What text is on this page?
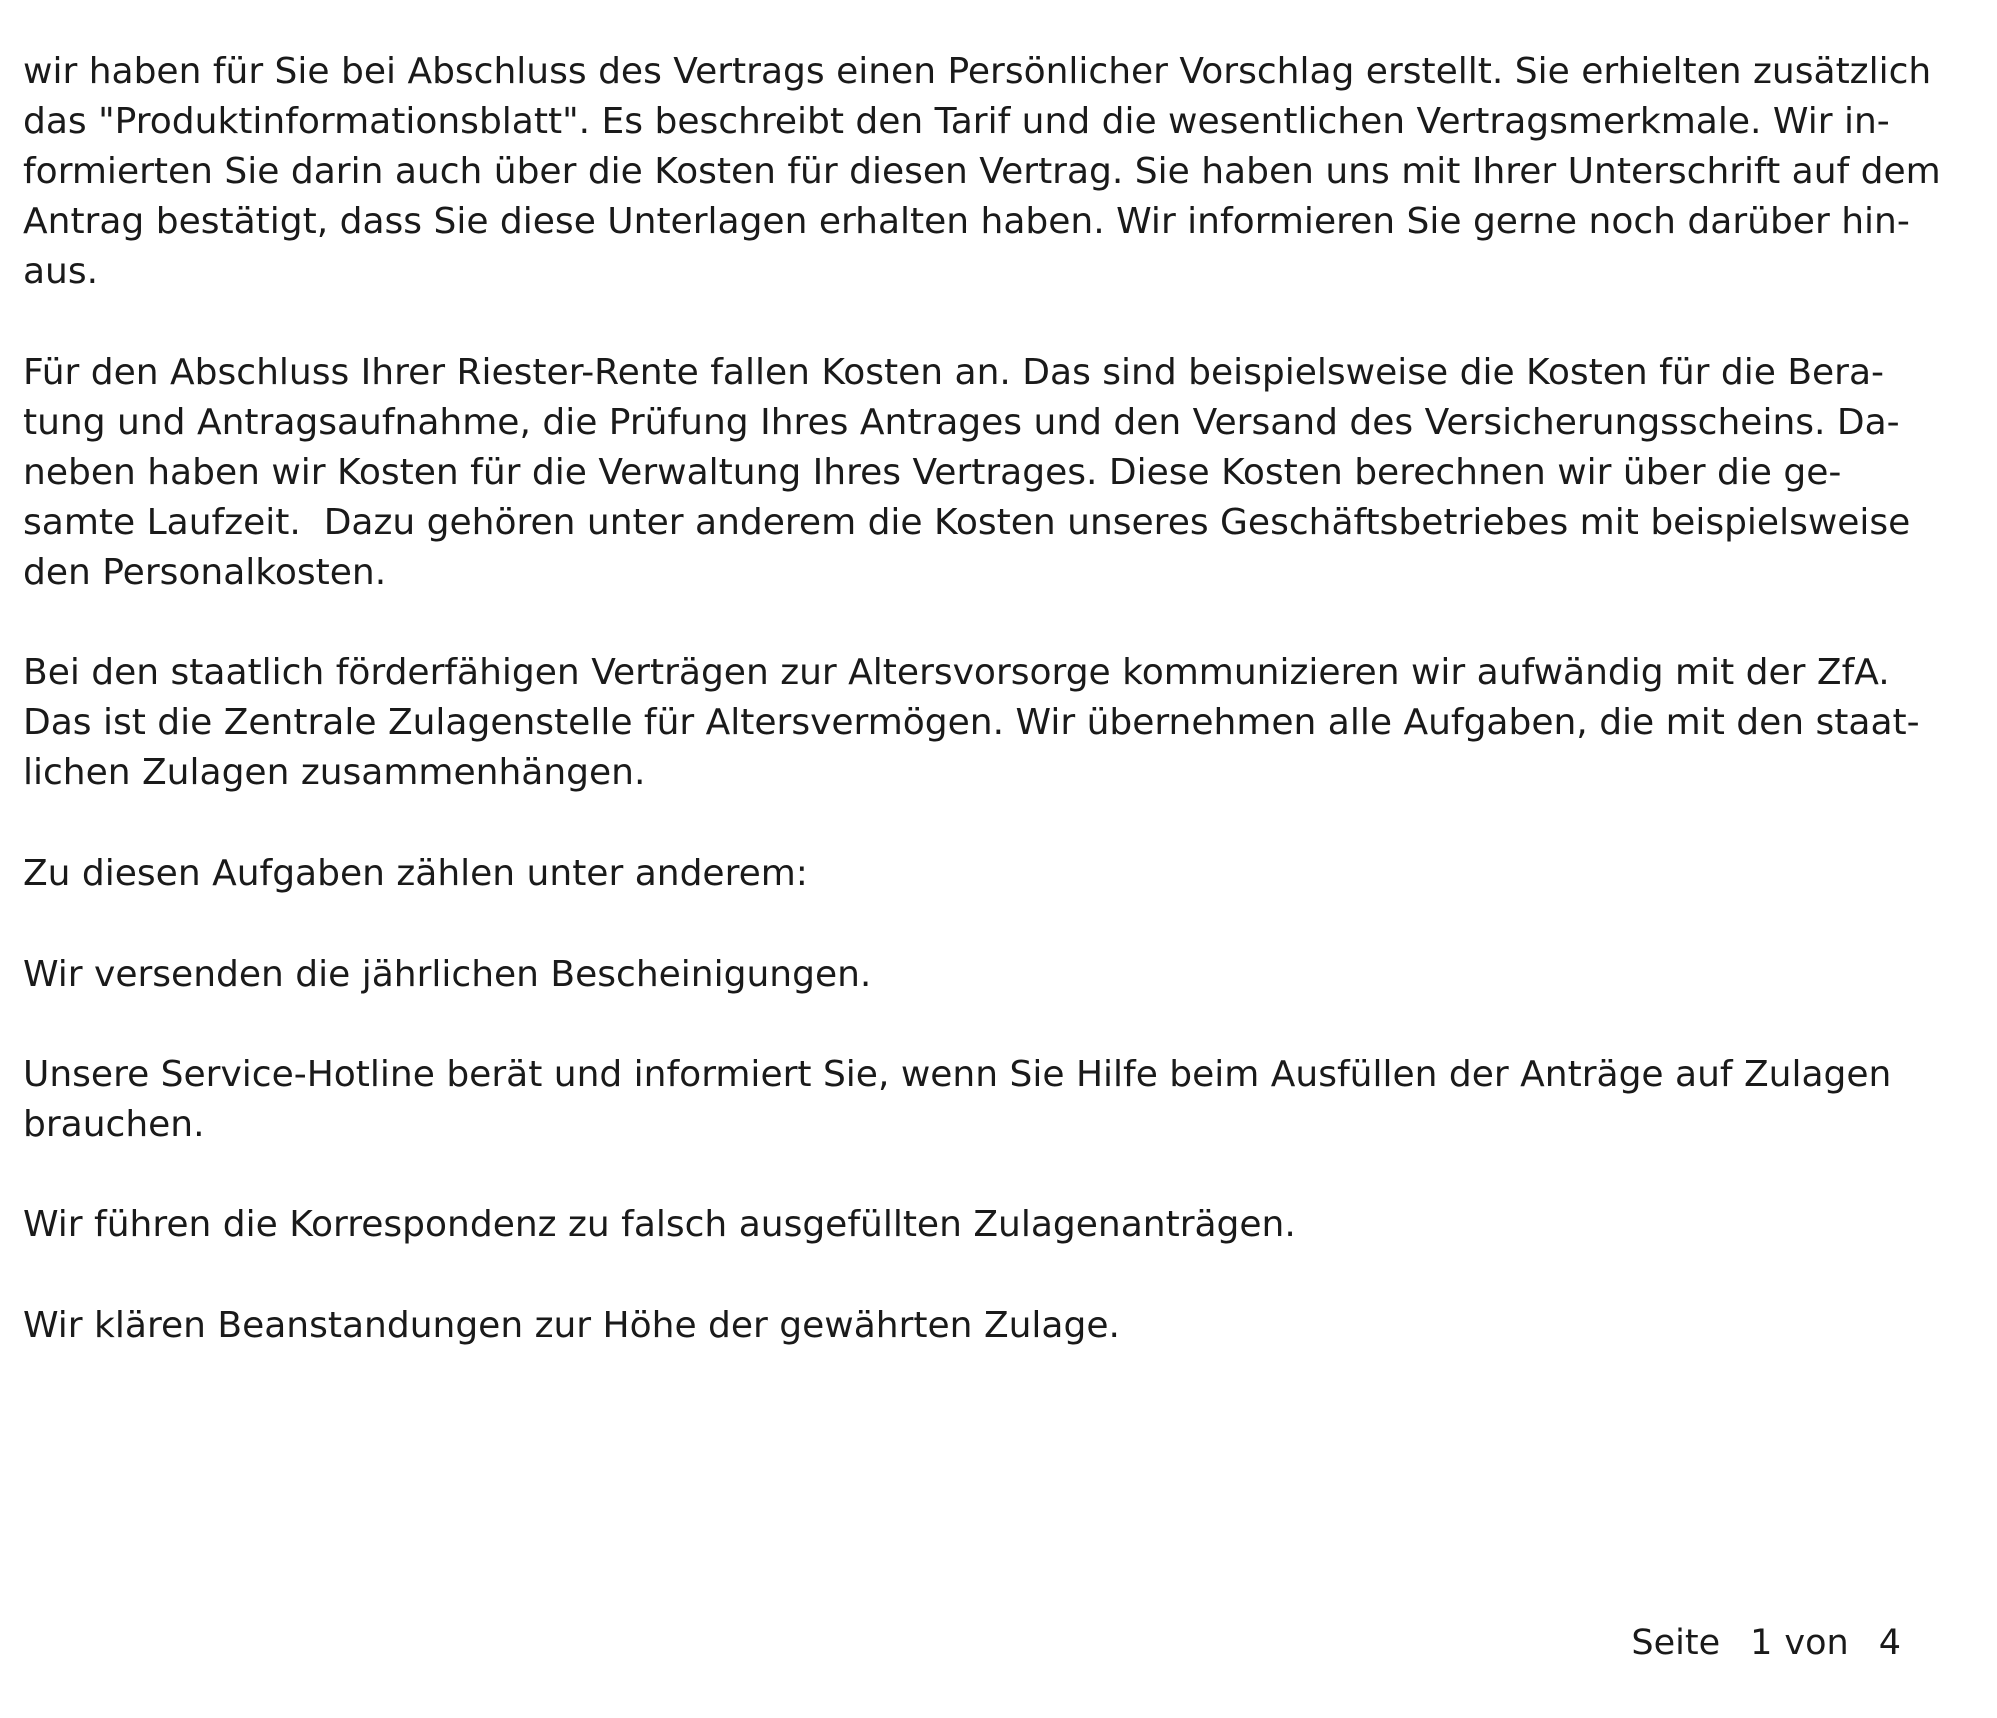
wir haben für Sie bei Abschluss des Vertrags einen Persönlicher Vorschlag erstellt. Sie erhielten zusätzlich
das "Produktinformationsblatt". Es beschreibt den Tarif und die wesentlichen Vertragsmerkmale. Wir in-
formierten Sie darin auch über die Kosten für diesen Vertrag. Sie haben uns mit Ihrer Unterschrift auf dem
Antrag bestätigt, dass Sie diese Unterlagen erhalten haben. Wir informieren Sie gerne noch darüber hin-
aus.
Für den Abschluss Ihrer Riester-Rente fallen Kosten an. Das sind beispielsweise die Kosten für die Bera-
tung und Antragsaufnahme, die Prüfung Ihres Antrages und den Versand des Versicherungsscheins. Da-
neben haben wir Kosten für die Verwaltung Ihres Vertrages. Diese Kosten berechnen wir über die ge-
samte Laufzeit.  Dazu gehören unter anderem die Kosten unseres Geschäftsbetriebes mit beispielsweise
den Personalkosten.
Bei den staatlich förderfähigen Verträgen zur Altersvorsorge kommunizieren wir aufwändig mit der ZfA.
Das ist die Zentrale Zulagenstelle für Altersvermögen. Wir übernehmen alle Aufgaben, die mit den staat-
lichen Zulagen zusammenhängen.
Zu diesen Aufgaben zählen unter anderem:
Wir versenden die jährlichen Bescheinigungen.
Unsere Service-Hotline berät und informiert Sie, wenn Sie Hilfe beim Ausfüllen der Anträge auf Zulagen
brauchen.
Wir führen die Korrespondenz zu falsch ausgefüllten Zulagenanträgen.
Wir klären Beanstandungen zur Höhe der gewährten Zulage.

Seite 1 von 4
